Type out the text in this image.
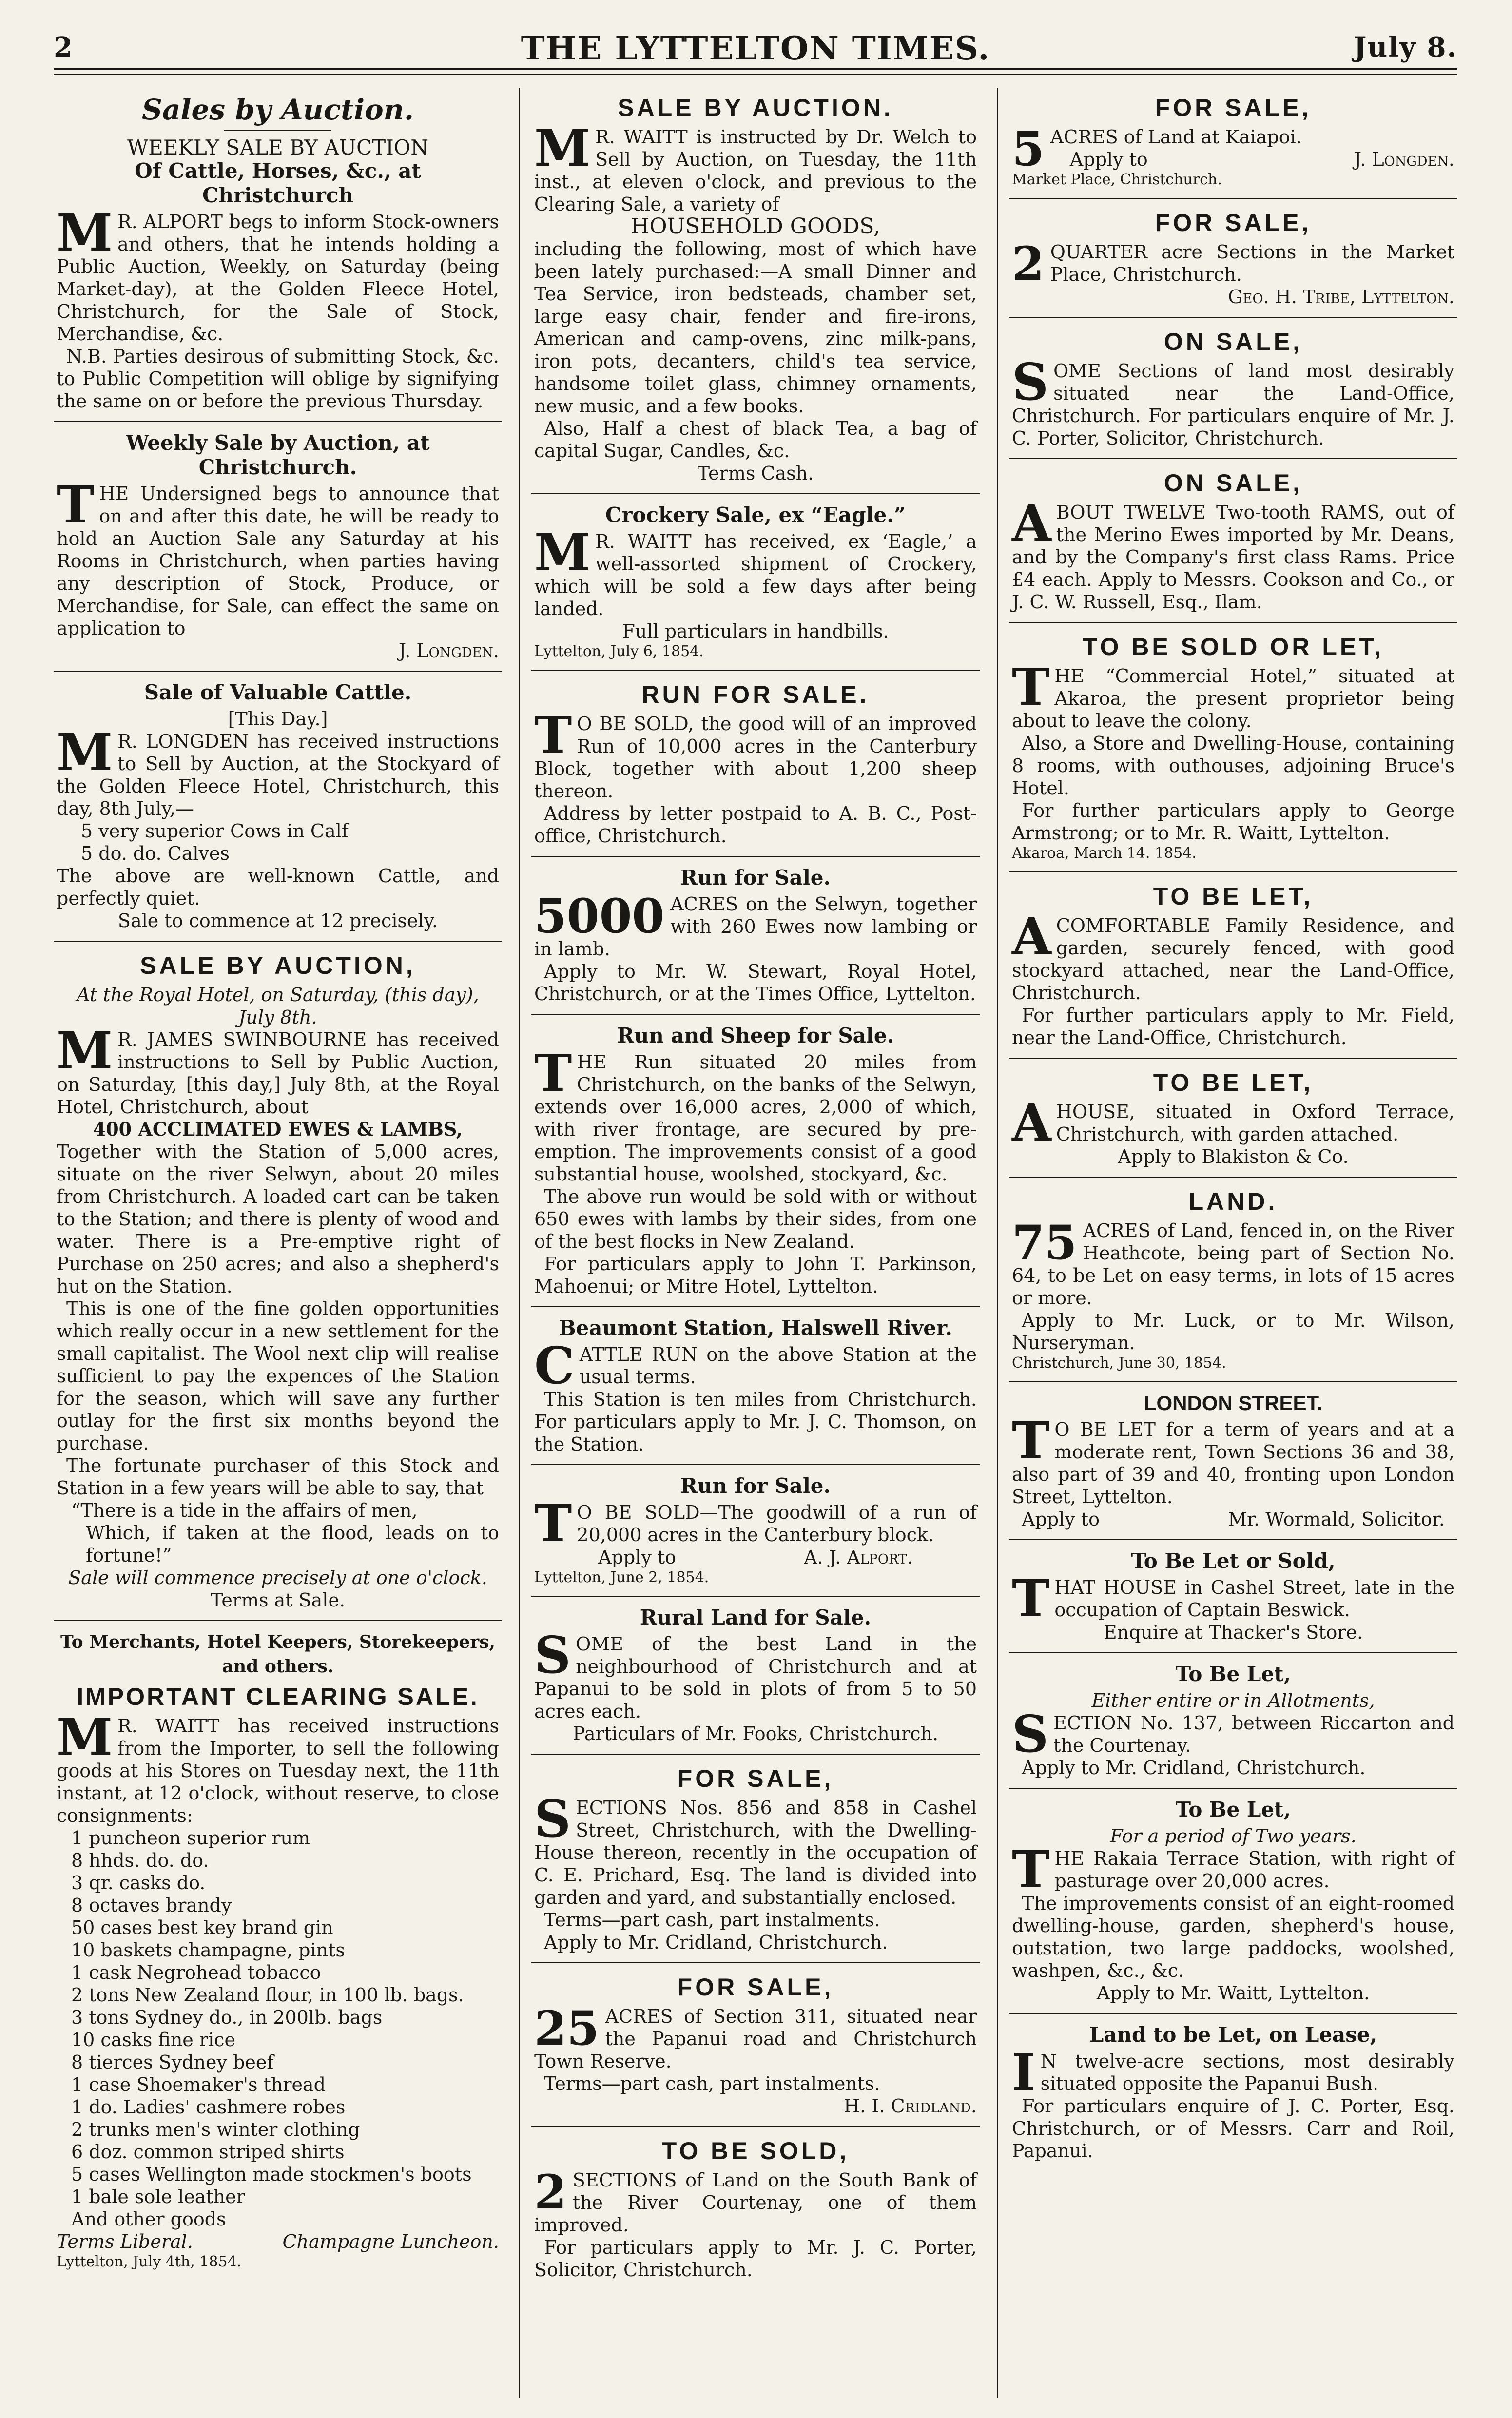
2	THE LYTTELTON TIMES.	July 8.
Sales by Auction.
WEEKLY SALE BY AUCTION
Of Cattle, Horses, &c., at Christchurch

M R. ALPORT begs to inform Stock-owners and others, that he intends holding a Public Auction, Weekly, on Saturday (being Market-day), at the Golden Fleece Hotel, Christchurch, for the Sale of Stock, Merchandise, &c.

N.B. Parties desirous of submitting Stock, &c. to Public Competition will oblige by signifying the same on or before the previous Thursday.

Weekly Sale by Auction, at Christchurch.

THE Undersigned begs to announce that on and after this date, he will be ready to hold an Auction Sale any Saturday at his Rooms in Christchurch, when parties having any description of Stock, Produce, or Merchandise, for Sale, can effect the same on application to

J. Longden.
Sale of Valuable Cattle.
[This Day.]

M R. LONGDEN has received instructions to Sell by Auction, at the Stockyard of the Golden Fleece Hotel, Christchurch, this day, 8th July,—

5 very superior Cows in Calf
5 do. do. Calves

The above are well-known Cattle, and perfectly quiet.

Sale to commence at 12 precisely.
SALE BY AUCTION,
At the Royal Hotel, on Saturday, (this day), July 8th.

M R. JAMES SWINBOURNE has received instructions to Sell by Public Auction, on Saturday, [this day,] July 8th, at the Royal Hotel, Christchurch, about

400 ACCLIMATED EWES & LAMBS,

Together with the Station of 5,000 acres, situate on the river Selwyn, about 20 miles from Christchurch. A loaded cart can be taken to the Station; and there is plenty of wood and water. There is a Pre-emptive right of Purchase on 250 acres; and also a shepherd's hut on the Station.

This is one of the fine golden opportunities which really occur in a new settlement for the small capitalist. The Wool next clip will realise sufficient to pay the expences of the Station for the season, which will save any further outlay for the first six months beyond the purchase.

The fortunate purchaser of this Stock and Station in a few years will be able to say, that

“There is a tide in the affairs of men,
Which, if taken at the flood, leads on to fortune!”
Sale will commence precisely at one o'clock.
Terms at Sale.
To Merchants, Hotel Keepers, Storekeepers, and others.
IMPORTANT CLEARING SALE.

M R. WAITT has received instructions from the Importer, to sell the following goods at his Stores on Tuesday next, the 11th instant, at 12 o'clock, without reserve, to close consignments:

1 puncheon superior rum
8 hhds. do. do.
3 qr. casks do.
8 octaves brandy
50 cases best key brand gin
10 baskets champagne, pints
1 cask Negrohead tobacco
2 tons New Zealand flour, in 100 lb. bags.
3 tons Sydney do., in 200lb. bags
10 casks fine rice
8 tierces Sydney beef
1 case Shoemaker's thread
1 do. Ladies' cashmere robes
2 trunks men's winter clothing
6 doz. common striped shirts
5 cases Wellington made stockmen's boots
1 bale sole leather
And other goods
Terms Liberal.	Champagne Luncheon.
Lyttelton, July 4th, 1854.
SALE BY AUCTION.

M R. WAITT is instructed by Dr. Welch to Sell by Auction, on Tuesday, the 11th inst., at eleven o'clock, and previous to the Clearing Sale, a variety of

HOUSEHOLD GOODS,

including the following, most of which have been lately purchased:—A small Dinner and Tea Service, iron bedsteads, chamber set, large easy chair, fender and fire-irons, American and camp-ovens, zinc milk-pans, iron pots, decanters, child's tea service, handsome toilet glass, chimney ornaments, new music, and a few books.

Also, Half a chest of black Tea, a bag of capital Sugar, Candles, &c.

Terms Cash.
Crockery Sale, ex “Eagle.”

M R. WAITT has received, ex ‘Eagle,’ a well-assorted shipment of Crockery, which will be sold a few days after being landed.

Full particulars in handbills.
Lyttelton, July 6, 1854.
RUN FOR SALE.

T O BE SOLD, the good will of an improved Run of 10,000 acres in the Canterbury Block, together with about 1,200 sheep thereon.

Address by letter postpaid to A. B. C., Post-office, Christchurch.

Run for Sale.

5000 ACRES on the Selwyn, together with 260 Ewes now lambing or in lamb.

Apply to Mr. W. Stewart, Royal Hotel, Christchurch, or at the Times Office, Lyttelton.

Run and Sheep for Sale.

THE Run situated 20 miles from Christchurch, on the banks of the Selwyn, extends over 16,000 acres, 2,000 of which, with river frontage, are secured by pre-emption. The improvements consist of a good substantial house, woolshed, stockyard, &c.

The above run would be sold with or without 650 ewes with lambs by their sides, from one of the best flocks in New Zealand.

For particulars apply to John T. Parkinson, Mahoenui; or Mitre Hotel, Lyttelton.

Beaumont Station, Halswell River.

CATTLE RUN on the above Station at the usual terms.

This Station is ten miles from Christchurch. For particulars apply to Mr. J. C. Thomson, on the Station.

Run for Sale.

T O BE SOLD—The goodwill of a run of 20,000 acres in the Canterbury block.

Apply to	A. J. Alport.
Lyttelton, June 2, 1854.
Rural Land for Sale.

SOME of the best Land in the neighbourhood of Christchurch and at Papanui to be sold in plots of from 5 to 50 acres each.

Particulars of Mr. Fooks, Christchurch.
FOR SALE,

SECTIONS Nos. 856 and 858 in Cashel Street, Christchurch, with the Dwelling-House thereon, recently in the occupation of C. E. Prichard, Esq. The land is divided into garden and yard, and substantially enclosed.

Terms—part cash, part instalments.

Apply to Mr. Cridland, Christchurch.

FOR SALE,

25 ACRES of Section 311, situated near the Papanui road and Christchurch Town Reserve.

Terms—part cash, part instalments.

H. I. Cridland.
TO BE SOLD,

2 SECTIONS of Land on the South Bank of the River Courtenay, one of them improved.

For particulars apply to Mr. J. C. Porter, Solicitor, Christchurch.

FOR SALE,

5 ACRES of Land at Kaiapoi.

Apply to	J. Longden.
Market Place, Christchurch.
FOR SALE,

2 QUARTER acre Sections in the Market Place, Christchurch.

Geo. H. Tribe, Lyttelton.
ON SALE,

SOME Sections of land most desirably situated near the Land-Office, Christchurch. For particulars enquire of Mr. J. C. Porter, Solicitor, Christchurch.

ON SALE,

ABOUT TWELVE Two-tooth RAMS, out of the Merino Ewes imported by Mr. Deans, and by the Company's first class Rams. Price £4 each. Apply to Messrs. Cookson and Co., or J. C. W. Russell, Esq., Ilam.

TO BE SOLD OR LET,

THE “Commercial Hotel,” situated at Akaroa, the present proprietor being about to leave the colony.

Also, a Store and Dwelling-House, containing 8 rooms, with outhouses, adjoining Bruce's Hotel.

For further particulars apply to George Armstrong; or to Mr. R. Waitt, Lyttelton.

Akaroa, March 14. 1854.
TO BE LET,

ACOMFORTABLE Family Residence, and garden, securely fenced, with good stockyard attached, near the Land-Office, Christchurch.

For further particulars apply to Mr. Field, near the Land-Office, Christchurch.

TO BE LET,

AHOUSE, situated in Oxford Terrace, Christchurch, with garden attached.

Apply to Blakiston & Co.
LAND.

75 ACRES of Land, fenced in, on the River Heathcote, being part of Section No. 64, to be Let on easy terms, in lots of 15 acres or more.

Apply to Mr. Luck, or to Mr. Wilson, Nurseryman.

Christchurch, June 30, 1854.
LONDON STREET.

T O BE LET for a term of years and at a moderate rent, Town Sections 36 and 38, also part of 39 and 40, fronting upon London Street, Lyttelton.

Apply to	Mr. Wormald, Solicitor.
To Be Let or Sold,

THAT HOUSE in Cashel Street, late in the occupation of Captain Beswick.

Enquire at Thacker's Store.
To Be Let,
Either entire or in Allotments,

SECTION No. 137, between Riccarton and the Courtenay.

Apply to Mr. Cridland, Christchurch.

To Be Let,
For a period of Two years.

THE Rakaia Terrace Station, with right of pasturage over 20,000 acres.

The improvements consist of an eight-roomed dwelling-house, garden, shepherd's house, outstation, two large paddocks, woolshed, washpen, &c., &c.

Apply to Mr. Waitt, Lyttelton.
Land to be Let, on Lease,

I N twelve-acre sections, most desirably situated opposite the Papanui Bush.

For particulars enquire of J. C. Porter, Esq. Christchurch, or of Messrs. Carr and Roil, Papanui.
